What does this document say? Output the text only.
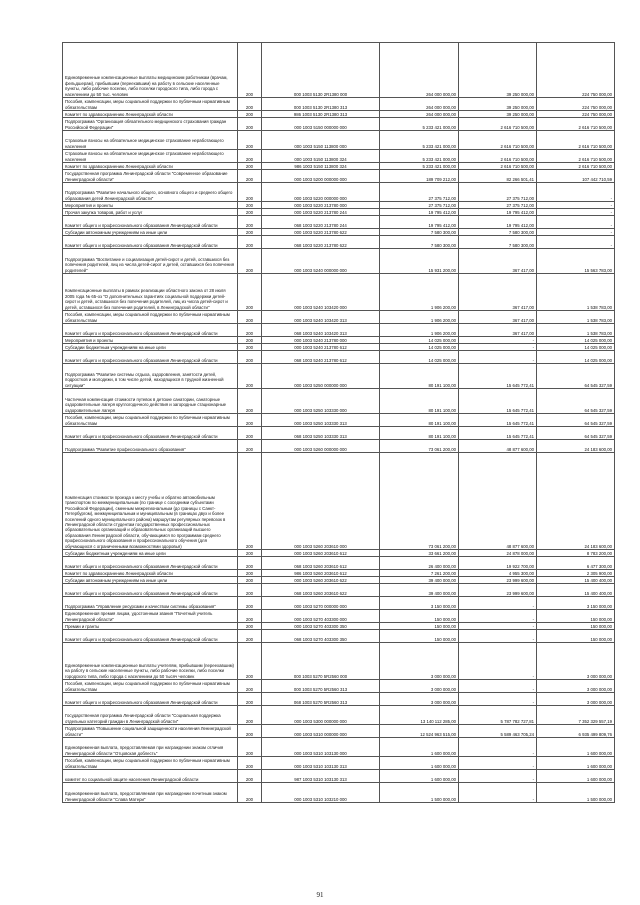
Единовременные компенсационные выплаты медицинским работникам (врачам, фельдшерам), прибывшим (переехавшим) на работу в сельские населенные пункты, либо рабочие поселки, либо поселки городского типа, либо города с населением до 50 тыс. человек	200	000 1003 5130 2R1380 000	264 000 000,00	39 250 000,00	224 750 000,00
Пособия, компенсации, меры социальной поддержки по публичным нормативным обязательствам	200	000 1003 5130 2R1380 313	264 000 000,00	39 250 000,00	224 750 000,00
Комитет по здравоохранению Ленинградской области	200	986 1003 5130 2R1380 313	264 000 000,00	39 250 000,00	224 750 000,00
Подпрограмма "Организация обязательного медицинского страхования граждан Российской Федерации"	200	000 1003 5150 000000 000	5 233 421 000,00	2 616 710 500,00	2 616 710 500,00
Страховые взносы на обязательное медицинское страхование неработающего населения	200	000 1003 5150 113800 000	5 233 421 000,00	2 616 710 500,00	2 616 710 500,00
Страховые взносы на обязательное медицинское страхование неработающего населения	200	000 1003 5150 113800 324	5 233 421 000,00	2 616 710 500,00	2 616 710 500,00
Комитет по здравоохранению Ленинградской области	200	986 1003 5150 113800 324	5 233 421 000,00	2 616 710 500,00	2 616 710 500,00
Государственная программа Ленинградской области "Современное образование Ленинградской области"	200	000 1003 5200 000000 000	189 709 212,00	82 266 501,41	107 442 710,59
Подпрограмма "Развитие начального общего, основного общего и среднего общего образования детей Ленинградской области"	200	000 1003 5220 000000 000	27 375 712,00	27 375 712,00	-
Мероприятия и проекты	200	000 1003 5220 213780 000	27 375 712,00	27 375 712,00	-
Прочая закупка товаров, работ и услуг	200	000 1003 5220 213780 244	19 795 412,00	19 795 412,00	-
Комитет общего и профессионального образования Ленинградской области	200	068 1003 5220 213780 244	19 795 412,00	19 795 412,00	-
Субсидии автономным учреждениям на иные цели	200	000 1003 5220 213780 622	7 580 300,00	7 580 300,00	-
Комитет общего и профессионального образования Ленинградской области	200	068 1003 5220 213780 622	7 580 300,00	7 580 300,00	-
Подпрограмма "Воспитание и социализация детей-сирот и детей, оставшихся без попечения родителей, лиц из числа детей-сирот и детей, оставшихся без попечения родителей"	200	000 1003 5240 000000 000	15 931 200,00	367 417,00	15 563 783,00
Компенсационные выплаты в рамках реализации областного закона от 28 июля 2005 года № 65-оз "О дополнительных гарантиях социальной поддержки детей-сирот и детей, оставшихся без попечения родителей, лиц из числа детей-сирот и детей, оставшихся без попечения родителей, в Ленинградской области"	200	000 1003 5240 103420 000	1 906 200,00	367 417,00	1 538 783,00
Пособия, компенсации, меры социальной поддержки по публичным нормативным обязательствам	200	000 1003 5240 103420 313	1 906 200,00	367 417,00	1 538 783,00
Комитет общего и профессионального образования Ленинградской области	200	068 1003 5240 103420 313	1 906 200,00	367 417,00	1 538 783,00
Мероприятия и проекты	200	000 1003 5240 213780 000	14 025 000,00	-	14 025 000,00
Субсидии бюджетным учреждениям на иные цели	200	000 1003 5240 213780 612	14 025 000,00	-	14 025 000,00
Комитет общего и профессионального образования Ленинградской области	200	068 1003 5240 213780 612	14 025 000,00	-	14 025 000,00
Подпрограмма "Развитие системы отдыха, оздоровления, занятости детей, подростков и молодежи, в том числе детей, находящихся в трудной жизненной ситуации"	200	000 1003 5250 000000 000	80 191 100,00	15 645 772,41	64 545 327,59
Частичная компенсация стоимости путевок в детские санатории, санаторные оздоровительные лагеря круглогодичного действия и загородные стационарные оздоровительные лагеря	200	000 1003 5250 103330 000	80 191 100,00	15 645 772,41	64 545 327,59
Пособия, компенсации, меры социальной поддержки по публичным нормативным обязательствам	200	000 1003 5250 103330 313	80 191 100,00	15 645 772,41	64 545 327,59
Комитет общего и профессионального образования Ленинградской области	200	068 1003 5250 103330 313	80 191 100,00	15 645 772,41	64 545 327,59
Подпрограмма "Развитие профессионального образования"	200	000 1003 5260 000000 000	73 061 200,00	48 877 600,00	24 183 600,00
Компенсация стоимости проезда к месту учебы и обратно автомобильным транспортом по межмуниципальным (по границе с соседними субъектами Российской Федерации), сменным межрегиональным (до границы с Санкт-Петербургом), межмуниципальным и муниципальным (в границах двух и более поселений одного муниципального района) маршрутам регулярных перевозок в Ленинградской области студентам государственных профессиональных образовательных организаций и образовательных организаций высшего образования Ленинградской области, обучающимся по программам среднего профессионального образования и профессионального обучения (для обучающихся с ограниченными возможностями здоровья)	200	000 1003 5260 203610 000	73 061 200,00	48 877 600,00	24 183 600,00
Субсидии бюджетным учреждениям на иные цели	200	000 1003 5260 203610 612	33 661 200,00	24 878 000,00	8 783 200,00
Комитет общего и профессионального образования Ленинградской области	200	068 1003 5260 203610 612	26 400 000,00	19 922 700,00	6 477 300,00
Комитет по здравоохранению Ленинградской области	200	986 1003 5260 203610 612	7 261 200,00	4 955 300,00	2 305 900,00
Субсидии автономным учреждениям на иные цели	200	000 1003 5260 203610 622	39 400 000,00	23 999 600,00	15 400 400,00
Комитет общего и профессионального образования Ленинградской области	200	068 1003 5260 203610 622	39 400 000,00	23 999 600,00	15 400 400,00
Подпрограмма "Управление ресурсами и качеством системы образования"	200	000 1003 5270 000000 000	3 150 000,00	-	3 150 000,00
Единовременная премия лицам, удостоенным звания "Почетный учитель Ленинградской области"	200	000 1003 5270 403300 000	150 000,00	-	150 000,00
Премии и гранты	200	000 1003 5270 403300 350	150 000,00	-	150 000,00
Комитет общего и профессионального образования Ленинградской области	200	068 1003 5270 403300 350	150 000,00	-	150 000,00
Единовременные компенсационные выплаты учителям, прибывшим (переехавшим) на работу в сельские населенные пункты, либо рабочие поселки, либо поселки городского типа, либо города с населением до 50 тысяч человек	200	000 1003 5270 5R2560 000	3 000 000,00	-	3 000 000,00
Пособия, компенсации, меры социальной поддержки по публичным нормативным обязательствам	200	000 1003 5270 5R2560 313	3 000 000,00	-	3 000 000,00
Комитет общего и профессионального образования Ленинградской области	200	068 1003 5270 5R2560 313	3 000 000,00	-	3 000 000,00
Государственная программа Ленинградской области "Социальная поддержка отдельных категорий граждан в Ленинградской области"	200	000 1003 5300 000000 000	13 140 112 285,00	5 787 782 727,81	7 352 329 557,19
Подпрограмма "Повышение социальной защищенности населения Ленинградской области"	200	000 1003 5310 000000 000	12 524 963 515,00	5 589 463 705,24	6 935 499 809,76
Единовременная выплата, предоставляемая при награждении знаком отличия Ленинградской области "Отцовская доблесть"	200	000 1003 5310 103130 000	1 600 000,00	-	1 600 000,00
Пособия, компенсации, меры социальной поддержки по публичным нормативным обязательствам	200	000 1003 5310 103130 313	1 600 000,00	-	1 600 000,00
комитет по социальной защите населения Ленинградской области	200	987 1003 5310 103130 313	1 600 000,00	-	1 600 000,00
Единовременная выплата, предоставляемая при награждении почетным знаком Ленинградской области "Слава Матери"	200	000 1003 5310 103210 000	1 500 000,00	-	1 500 000,00
91
